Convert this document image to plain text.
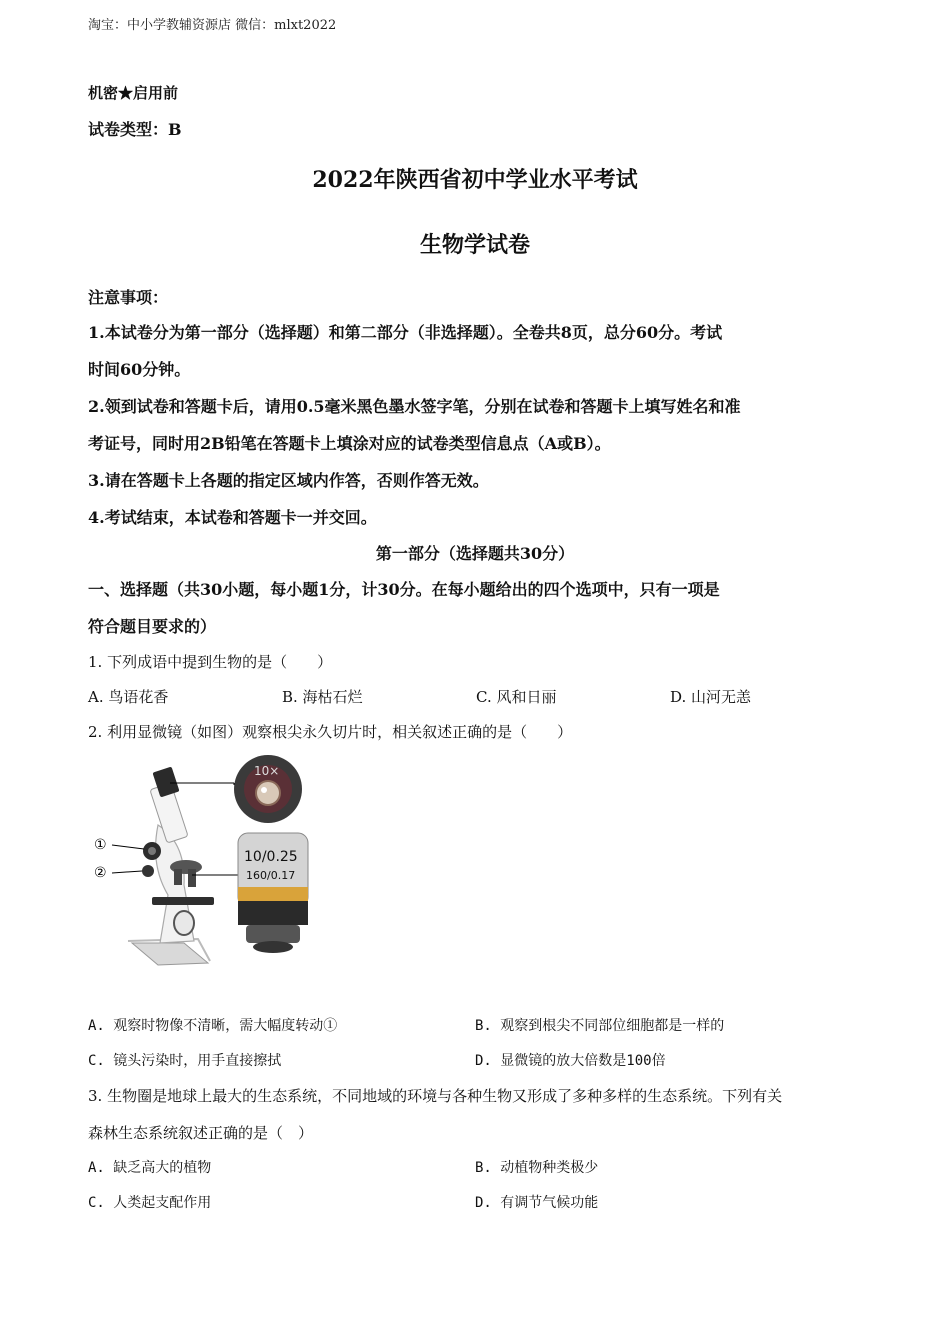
淘宝：中小学教辅资源店 微信：mlxt2022
机密★启用前
试卷类型：B
2022年陕西省初中学业水平考试
生物学试卷
注意事项：
1.本试卷分为第一部分（选择题）和第二部分（非选择题）。全卷共8页，总分60分。考试
时间60分钟。
2.领到试卷和答题卡后，请用0.5毫米黑色墨水签字笔，分别在试卷和答题卡上填写姓名和准
考证号，同时用2B铅笔在答题卡上填涂对应的试卷类型信息点（A或B）。
3.请在答题卡上各题的指定区域内作答，否则作答无效。
4.考试结束，本试卷和答题卡一并交回。
第一部分（选择题共30分）
一、选择题（共30小题，每小题1分，计30分。在每小题给出的四个选项中，只有一项是
符合题目要求的）
1. 下列成语中提到生物的是（　　）
A. 鸟语花香	B. 海枯石烂	C. 风和日丽	D. 山河无恙
2. 利用显微镜（如图）观察根尖永久切片时，相关叙述正确的是（　　）
①
②
10×
10/0.25
160/0.17
A. 观察时物像不清晰，需大幅度转动①	B. 观察到根尖不同部位细胞都是一样的
C. 镜头污染时，用手直接擦拭	D. 显微镜的放大倍数是100倍
3. 生物圈是地球上最大的生态系统，不同地域的环境与各种生物又形成了多种多样的生态系统。下列有关
森林生态系统叙述正确的是（　）
A. 缺乏高大的植物	B. 动植物种类极少
C. 人类起支配作用	D. 有调节气候功能
